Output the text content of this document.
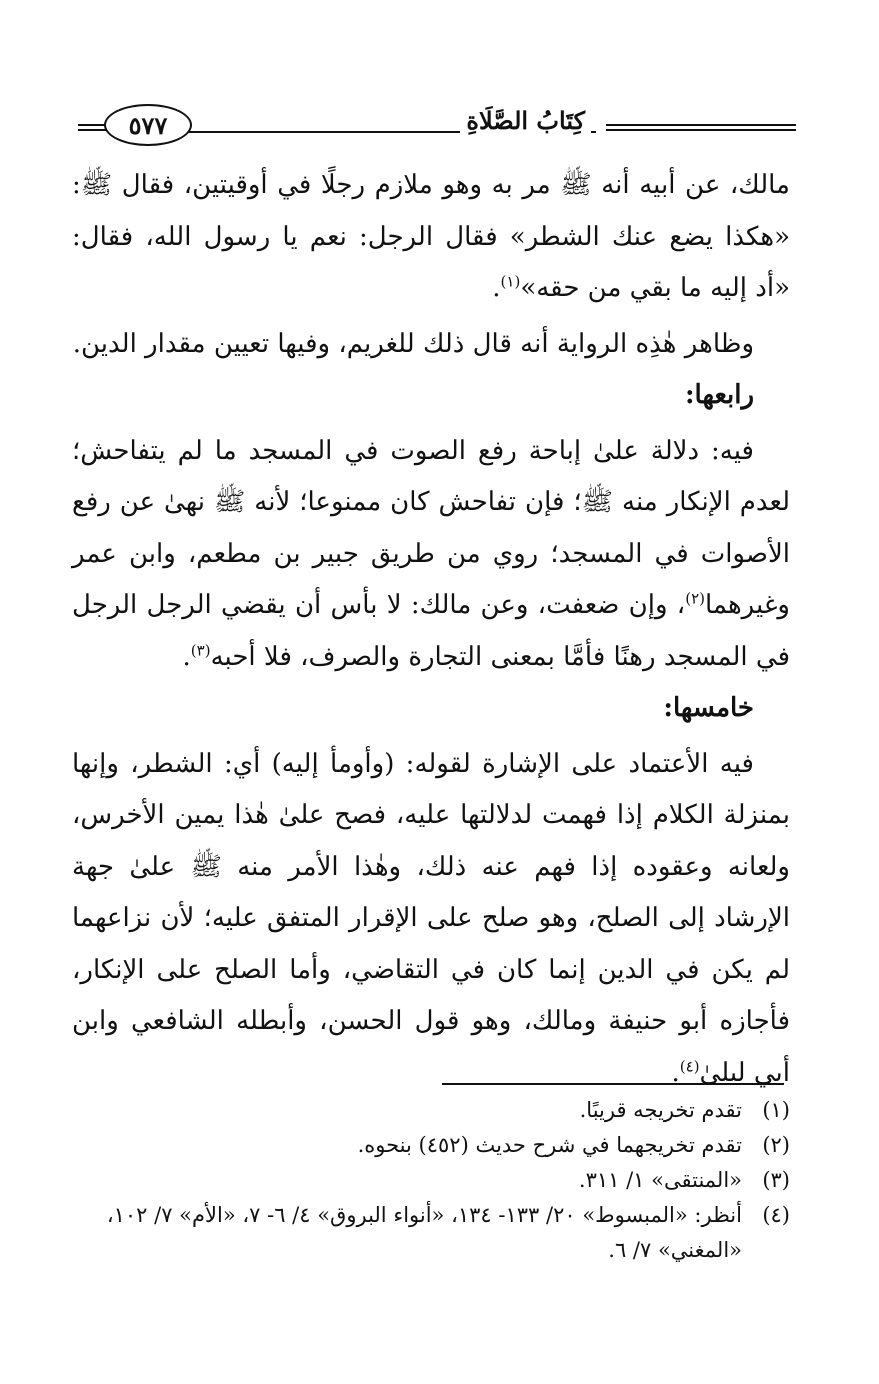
٥٧٧	كِتَابُ الصَّلَاةِ

مالك، عن أبيه أنه ﷺ مر به وهو ملازم رجلًا في أوقيتين، فقال ﷺ: «هكذا يضع عنك الشطر» فقال الرجل: نعم يا رسول الله، فقال: «أد إليه ما بقي من حقه»$^{(١)}$.

وظاهر هٰذِه الرواية أنه قال ذلك للغريم، وفيها تعيين مقدار الدين.

رابعها:

فيه: دلالة علىٰ إباحة رفع الصوت في المسجد ما لم يتفاحش؛ لعدم الإنكار منه ﷺ؛ فإن تفاحش كان ممنوعا؛ لأنه ﷺ نهىٰ عن رفع الأصوات في المسجد؛ روي من طريق جبير بن مطعم، وابن عمر وغيرهما$^{(٢)}$، وإن ضعفت، وعن مالك: لا بأس أن يقضي الرجل الرجل في المسجد رهنًا فأمَّا بمعنى التجارة والصرف، فلا أحبه$^{(٣)}$.

خامسها:

فيه الأعتماد على الإشارة لقوله: (وأومأ إليه) أي: الشطر، وإنها بمنزلة الكلام إذا فهمت لدلالتها عليه، فصح علىٰ هٰذا يمين الأخرس، ولعانه وعقوده إذا فهم عنه ذلك، وهٰذا الأمر منه ﷺ علىٰ جهة الإرشاد إلى الصلح، وهو صلح على الإقرار المتفق عليه؛ لأن نزاعهما لم يكن في الدين إنما كان في التقاضي، وأما الصلح على الإنكار، فأجازه أبو حنيفة ومالك، وهو قول الحسن، وأبطله الشافعي وابن أبي ليلىٰ$^{(٤)}$.

(١)
تقدم تخريجه قريبًا.
(٢)
تقدم تخريجهما في شرح حديث (٤٥٢) بنحوه.
(٣)
«المنتقى» ١/ ٣١١.
(٤)
أنظر: «المبسوط» ٢٠/ ١٣٣- ١٣٤، «أنواء البروق» ٤/ ٦- ٧، «الأم» ٧/ ١٠٢، «المغني» ٧/ ٦.
